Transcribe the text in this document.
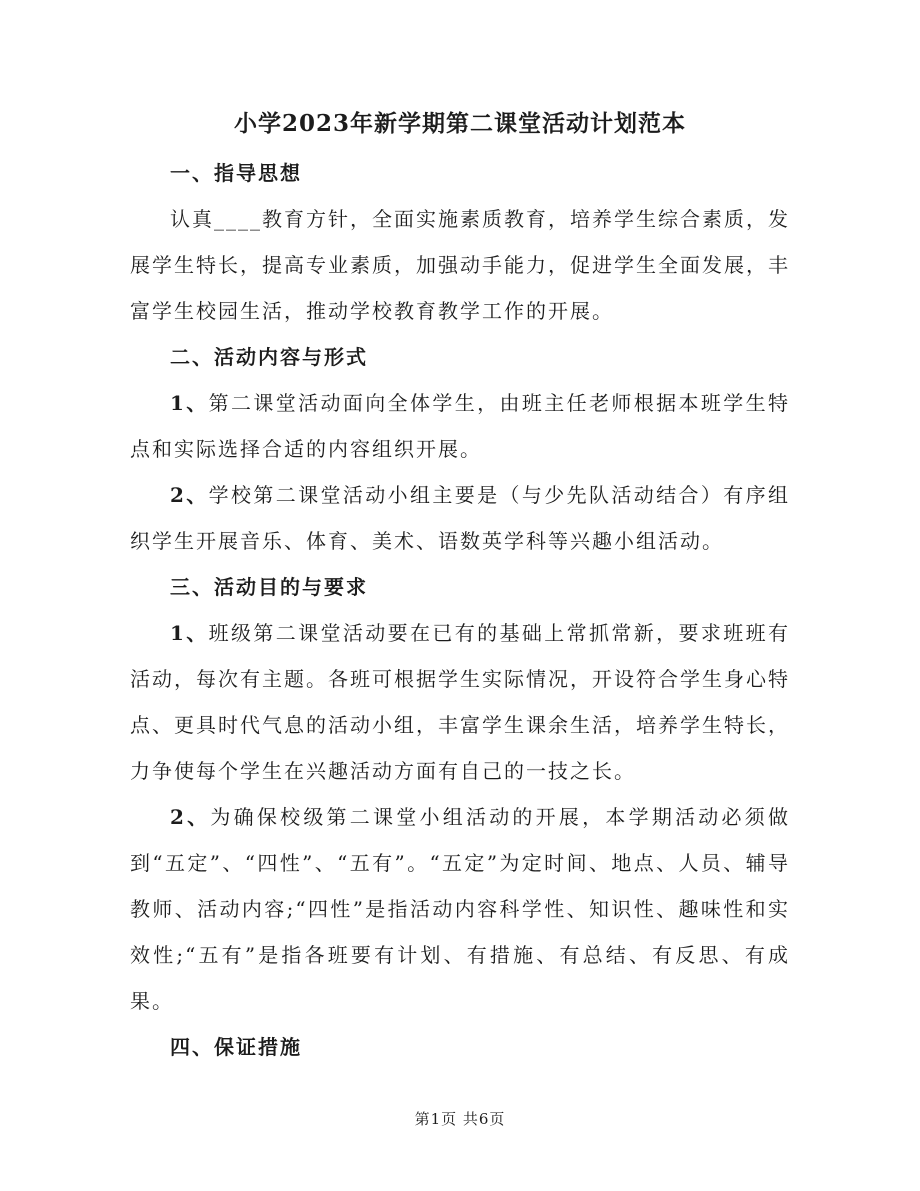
小学2023年新学期第二课堂活动计划范本
一、指导思想

认真____教育方针，全面实施素质教育，培养学生综合素质，发展学生特长，提高专业素质，加强动手能力，促进学生全面发展，丰富学生校园生活，推动学校教育教学工作的开展。

二、活动内容与形式

1、第二课堂活动面向全体学生，由班主任老师根据本班学生特点和实际选择合适的内容组织开展。

2、学校第二课堂活动小组主要是（与少先队活动结合）有序组织学生开展音乐、体育、美术、语数英学科等兴趣小组活动。

三、活动目的与要求

1、班级第二课堂活动要在已有的基础上常抓常新，要求班班有活动，每次有主题。各班可根据学生实际情况，开设符合学生身心特点、更具时代气息的活动小组，丰富学生课余生活，培养学生特长，力争使每个学生在兴趣活动方面有自己的一技之长。

2、为确保校级第二课堂小组活动的开展，本学期活动必须做到“五定”、“四性”、“五有”。“五定”为定时间、地点、人员、辅导教师、活动内容;“四性”是指活动内容科学性、知识性、趣味性和实效性;“五有”是指各班要有计划、有措施、有总结、有反思、有成果。

四、保证措施
第1页 共6页
